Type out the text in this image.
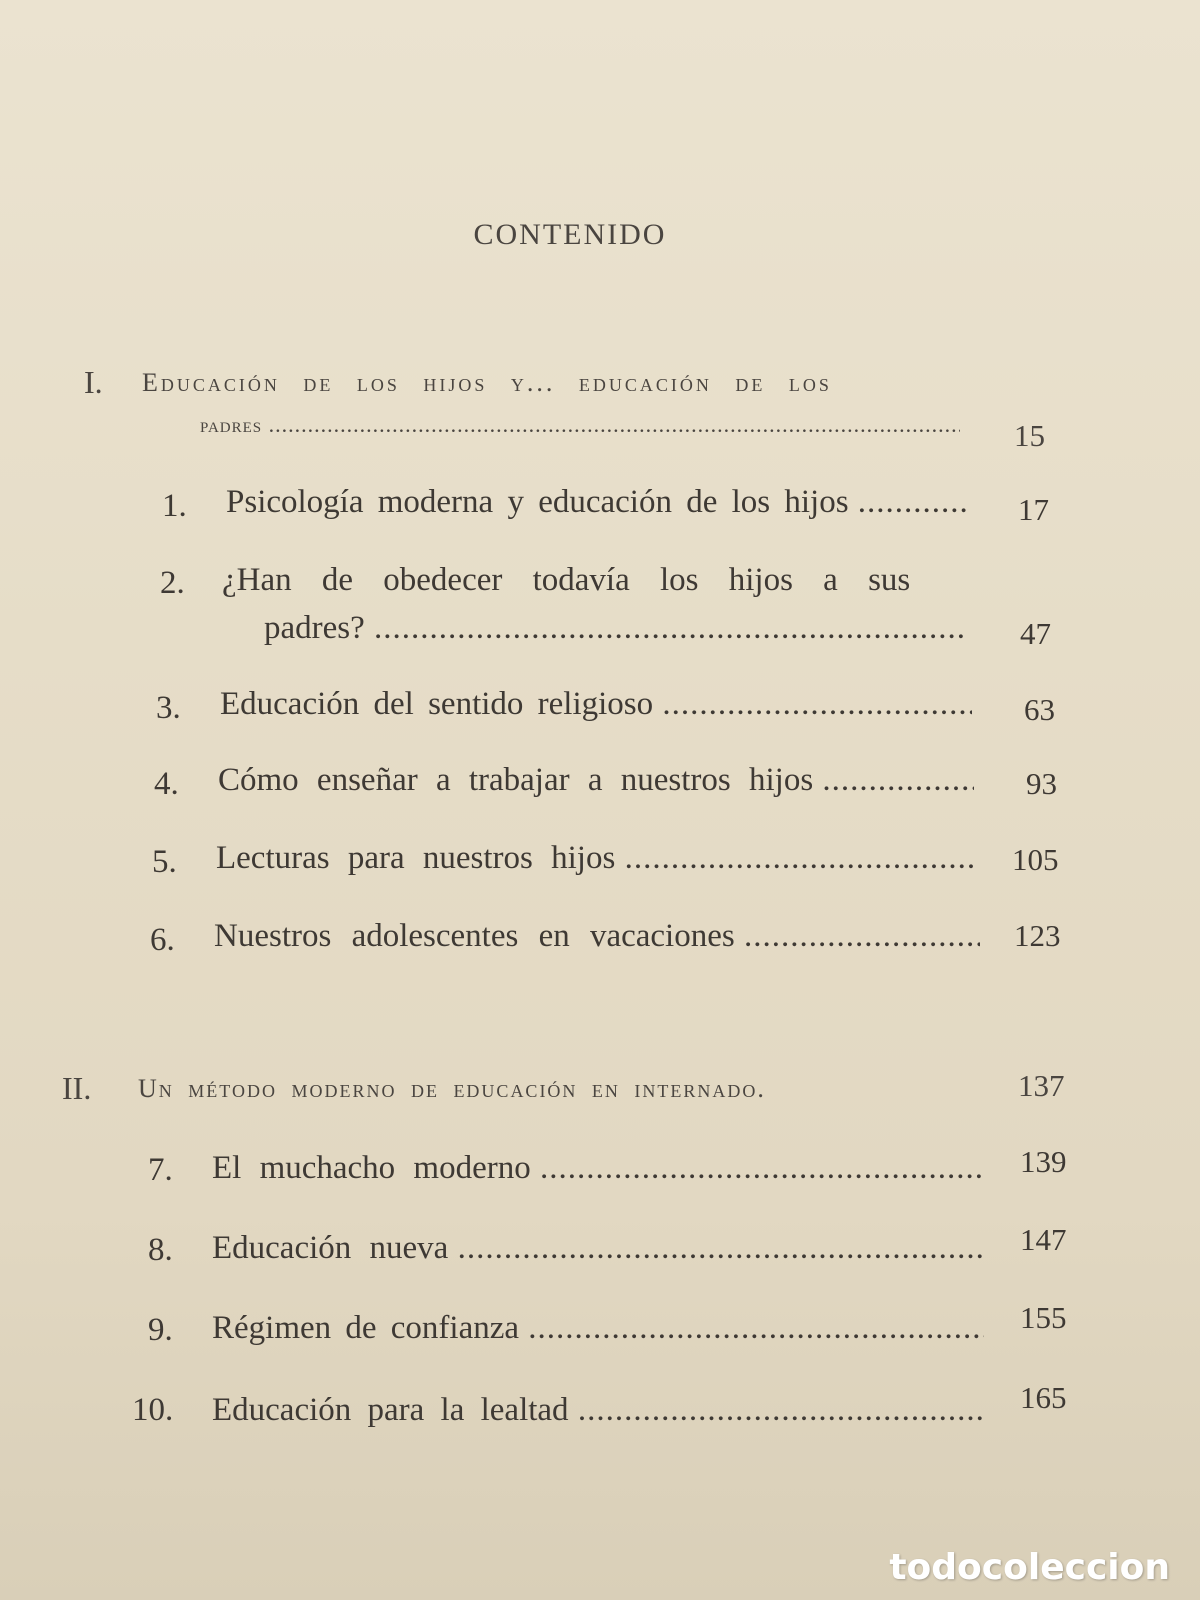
CONTENIDO
I. Educación de los hijos y... educación de los
padres .....	15
1. Psicología moderna y educación de los hijos .....	17
2. ¿Han de obedecer todavía los hijos a sus
padres? .....	47
3. Educación del sentido religioso .....	63
4. Cómo enseñar a trabajar a nuestros hijos .....	93
5. Lecturas para nuestros hijos .....	105
6. Nuestros adolescentes en vacaciones .....	123
II. Un método moderno de educación en internado.	137
7. El muchacho moderno .....	139
8. Educación nueva .....	147
9. Régimen de confianza .....	155
10. Educación para la lealtad .....	165
todocoleccion
